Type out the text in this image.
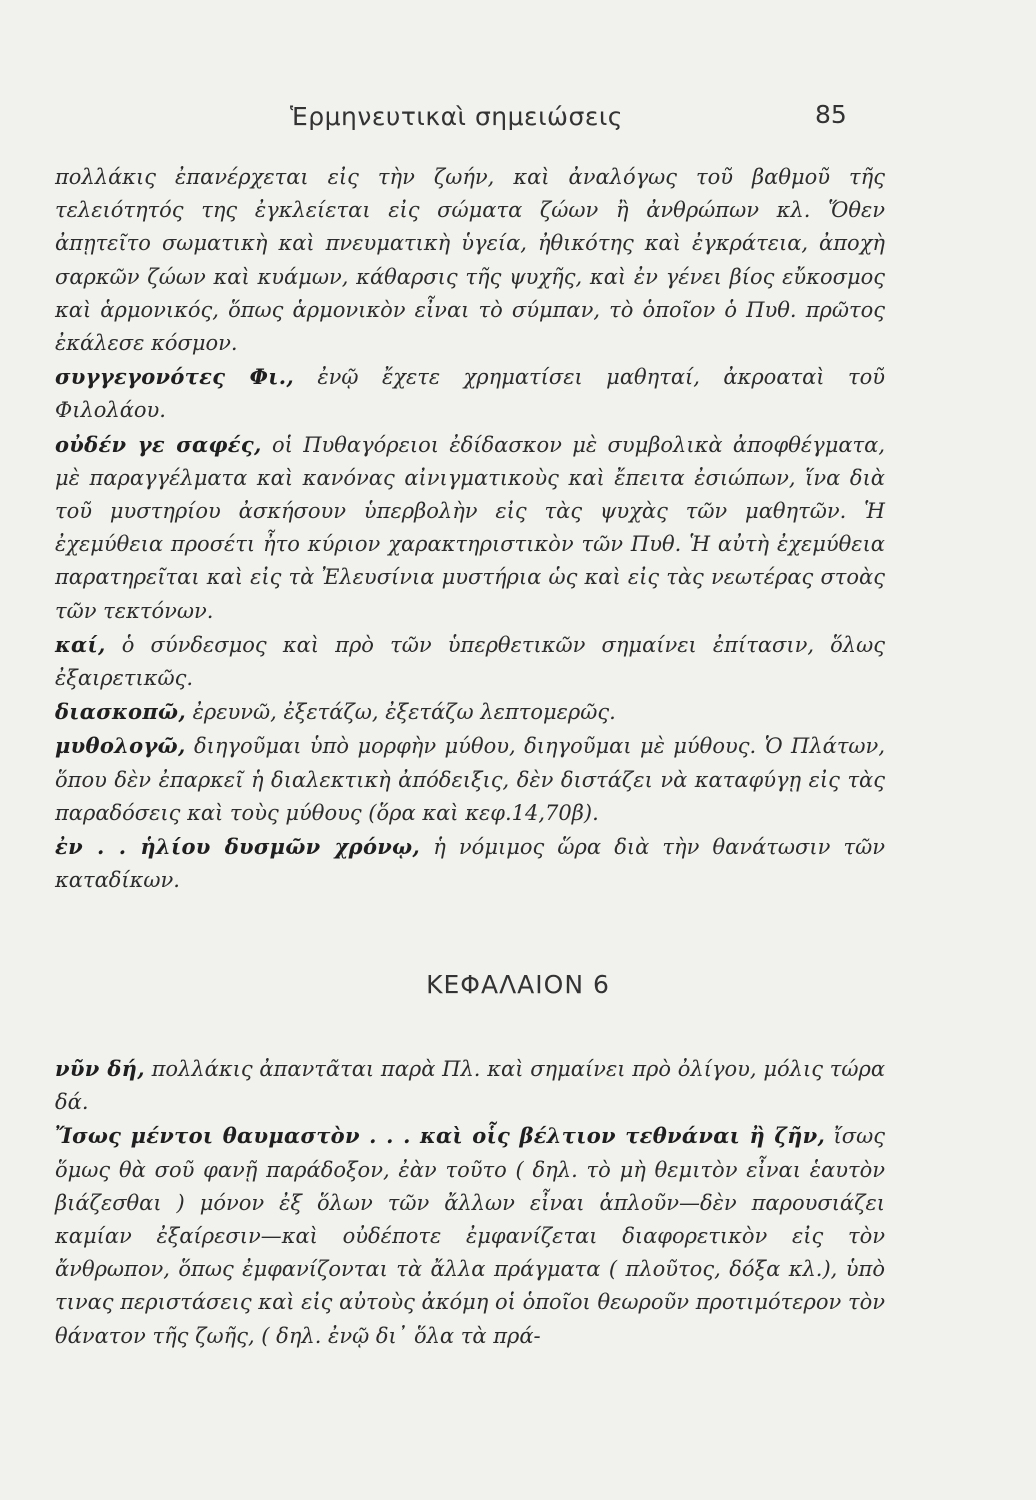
Ἑρμηνευτικαὶ σημειώσεις	85

πολλάκις ἐπανέρχεται εἰς τὴν ζωήν, καὶ ἀναλόγως τοῦ βαθμοῦ τῆς τελειότητός της ἐγκλείεται εἰς σώματα ζώων ἢ ἀνθρώπων κλ. Ὅθεν ἀπῃτεῖτο σωματικὴ καὶ πνευματικὴ ὑγεία, ἠθικότης καὶ ἐγκράτεια, ἀποχὴ σαρκῶν ζώων καὶ κυάμων, κάθαρσις τῆς ψυχῆς, καὶ ἐν γένει βίος εὔκοσμος καὶ ἁρμονικός, ὅπως ἁρμονικὸν εἶναι τὸ σύμπαν, τὸ ὁποῖον ὁ Πυθ. πρῶτος ἐκάλεσε κόσμον.

συγγεγονότες Φι., ἐνῷ ἔχετε χρηματίσει μαθηταί, ἀκροαταὶ τοῦ Φιλολάου.

οὐδέν γε σαφές, οἱ Πυθαγόρειοι ἐδίδασκον μὲ συμβολικὰ ἀποφθέγματα, μὲ παραγγέλματα καὶ κανόνας αἰνιγματικοὺς καὶ ἔπειτα ἐσιώπων, ἵνα διὰ τοῦ μυστηρίου ἀσκήσουν ὑπερβολὴν εἰς τὰς ψυχὰς τῶν μαθητῶν. Ἡ ἐχεμύθεια προσέτι ἦτο κύριον χαρακτηριστικὸν τῶν Πυθ. Ἡ αὐτὴ ἐχεμύθεια παρατηρεῖται καὶ εἰς τὰ Ἐλευσίνια μυστήρια ὡς καὶ εἰς τὰς νεωτέρας στοὰς τῶν τεκτόνων.

καί, ὁ σύνδεσμος καὶ πρὸ τῶν ὑπερθετικῶν σημαίνει ἐπίτασιν, ὅλως ἐξαιρετικῶς.

διασκοπῶ, ἐρευνῶ, ἐξετάζω, ἐξετάζω λεπτομερῶς.

μυθολογῶ, διηγοῦμαι ὑπὸ μορφὴν μύθου, διηγοῦμαι μὲ μύθους. Ὁ Πλάτων, ὅπου δὲν ἐπαρκεῖ ἡ διαλεκτικὴ ἀπόδειξις, δὲν διστάζει νὰ καταφύγῃ εἰς τὰς παραδόσεις καὶ τοὺς μύθους (ὅρα καὶ κεφ.14,70β).

ἐν . . ἡλίου δυσμῶν χρόνῳ, ἡ νόμιμος ὥρα διὰ τὴν θανάτωσιν τῶν καταδίκων.

ΚΕΦΑΛΑΙΟΝ 6

νῦν δή, πολλάκις ἀπαντᾶται παρὰ Πλ. καὶ σημαίνει πρὸ ὀλίγου, μόλις τώρα δά.

Ἴσως μέντοι θαυμαστὸν . . . καὶ οἷς βέλτιον τεθνάναι ἢ ζῆν, ἴσως ὅμως θὰ σοῦ φανῇ παράδοξον, ἐὰν τοῦτο ( δηλ. τὸ μὴ θεμιτὸν εἶναι ἑαυτὸν βιάζεσθαι ) μόνον ἐξ ὅλων τῶν ἄλλων εἶναι ἁπλοῦν—δὲν παρουσιάζει καμίαν ἐξαίρεσιν—καὶ οὐδέποτε ἐμφανίζεται διαφορετικὸν εἰς τὸν ἄνθρωπον, ὅπως ἐμφανίζονται τὰ ἄλλα πράγματα ( πλοῦτος, δόξα κλ.), ὑπὸ τινας περιστάσεις καὶ εἰς αὐτοὺς ἀκόμη οἱ ὁποῖοι θεωροῦν προτιμότερον τὸν θάνατον τῆς ζωῆς, ( δηλ. ἐνῷ δι᾽ ὅλα τὰ πρά-
